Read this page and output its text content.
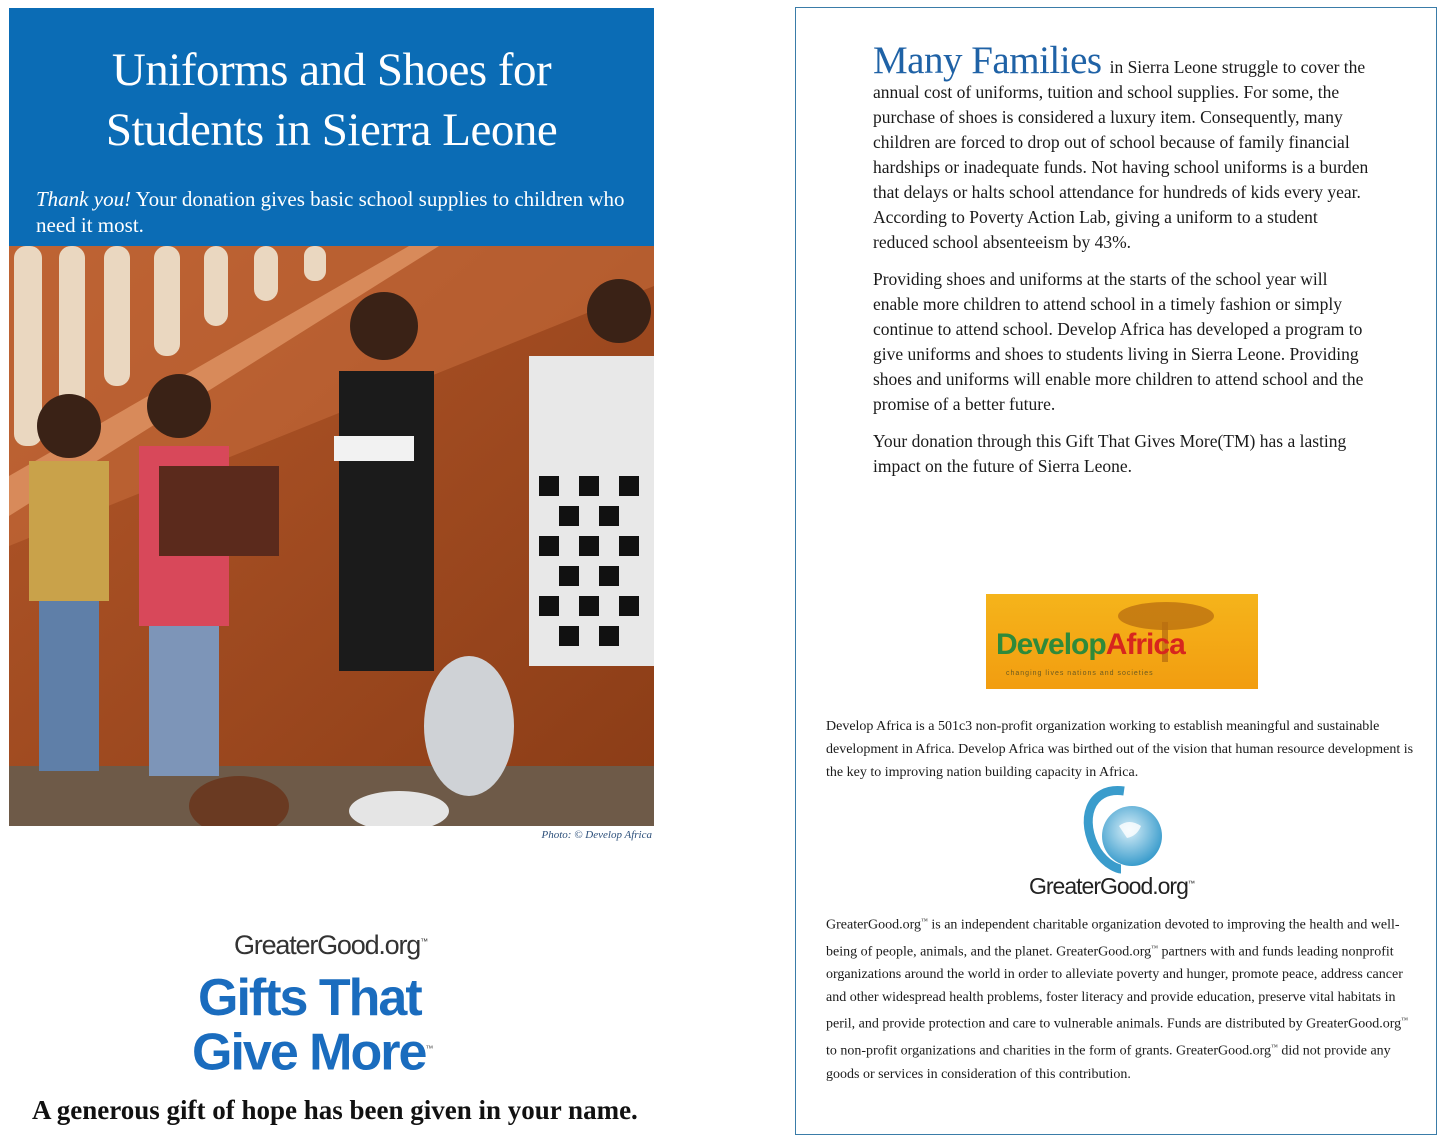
Uniforms and Shoes for
Students in Sierra Leone
Thank you! Your donation gives basic school supplies to children who need it most.
Photo: © Develop Africa
GreaterGood.org™
Gifts That
Give More™
A generous gift of hope has been given in your name.

Many Families in Sierra Leone struggle to cover the annual cost of uniforms, tuition and school supplies. For some, the purchase of shoes is considered a luxury item. Consequently, many children are forced to drop out of school because of family financial hardships or inadequate funds. Not having school uniforms is a burden that delays or halts school attendance for hundreds of kids every year. According to Poverty Action Lab, giving a uniform to a student reduced school absenteeism by 43%.

Providing shoes and uniforms at the starts of the school year will enable more children to attend school in a timely fashion or simply continue to attend school. Develop Africa has developed a program to give uniforms and shoes to students living in Sierra Leone. Providing shoes and uniforms will enable more children to attend school and the promise of a better future.

Your donation through this Gift That Gives More(TM) has a lasting impact on the future of Sierra Leone.

DevelopAfrica
changing lives nations and societies
Develop Africa is a 501c3 non-profit organization working to establish meaningful and sustainable development in Africa. Develop Africa was birthed out of the vision that human resource development is the key to improving nation building capacity in Africa.
GreaterGood.org™
GreaterGood.org™ is an independent charitable organization devoted to improving the health and well-being of people, animals, and the planet. GreaterGood.org™ partners with and funds leading nonprofit organizations around the world in order to alleviate poverty and hunger, promote peace, address cancer and other widespread health problems, foster literacy and provide education, preserve vital habitats in peril, and provide protection and care to vulnerable animals. Funds are distributed by GreaterGood.org™ to non-profit organizations and charities in the form of grants. GreaterGood.org™ did not provide any goods or services in consideration of this contribution.
